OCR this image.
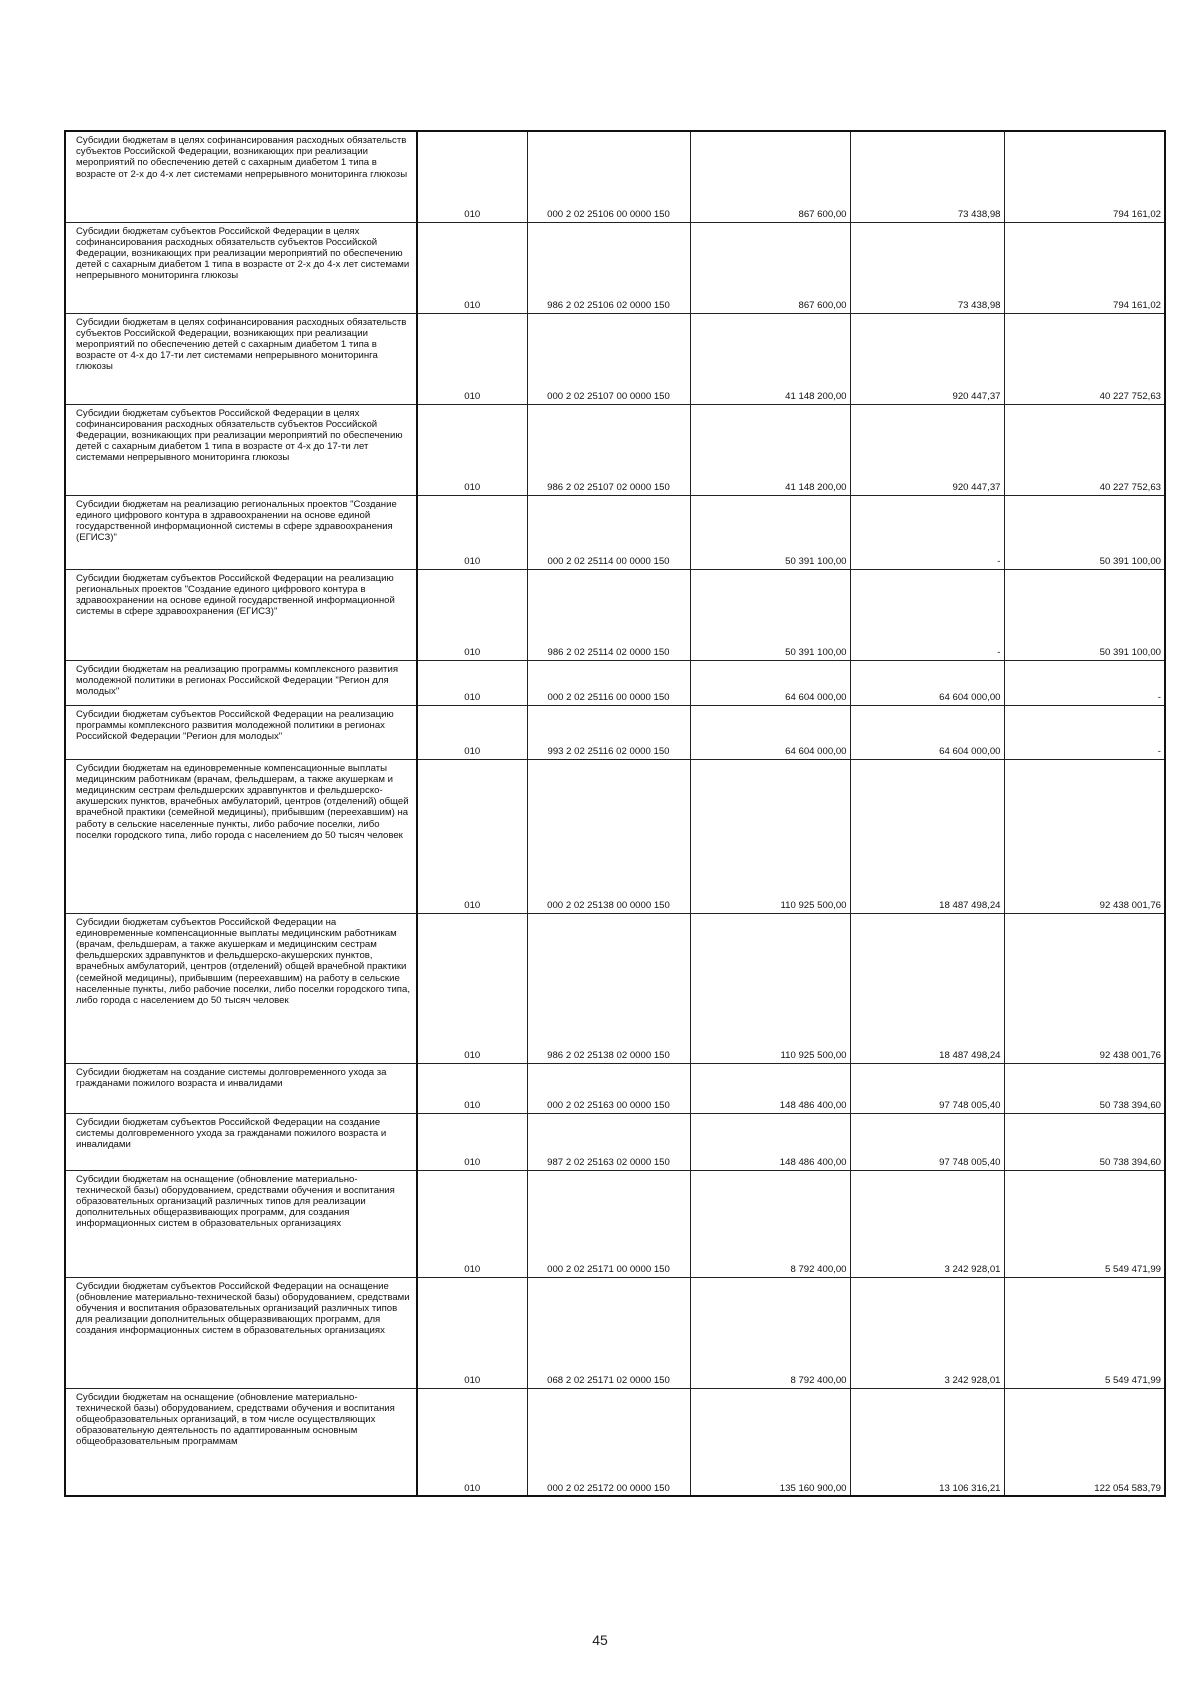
Субсидии бюджетам в целях софинансирования расходных обязательств субъектов Российской Федерации, возникающих при реализации мероприятий по обеспечению детей с сахарным диабетом 1 типа в возрасте от 2-х до 4-х лет системами непрерывного мониторинга глюкозы	010	000 2 02 25106 00 0000 150	867 600,00	73 438,98	794 161,02
Субсидии бюджетам субъектов Российской Федерации в целях софинансирования расходных обязательств субъектов Российской Федерации, возникающих при реализации мероприятий по обеспечению детей с сахарным диабетом 1 типа в возрасте от 2-х до 4-х лет системами непрерывного мониторинга глюкозы	010	986 2 02 25106 02 0000 150	867 600,00	73 438,98	794 161,02
Субсидии бюджетам в целях софинансирования расходных обязательств субъектов Российской Федерации, возникающих при реализации мероприятий по обеспечению детей с сахарным диабетом 1 типа в возрасте от 4-х до 17-ти лет системами непрерывного мониторинга глюкозы	010	000 2 02 25107 00 0000 150	41 148 200,00	920 447,37	40 227 752,63
Субсидии бюджетам субъектов Российской Федерации в целях софинансирования расходных обязательств субъектов Российской Федерации, возникающих при реализации мероприятий по обеспечению детей с сахарным диабетом 1 типа в возрасте от 4-х до 17-ти лет системами непрерывного мониторинга глюкозы	010	986 2 02 25107 02 0000 150	41 148 200,00	920 447,37	40 227 752,63
Субсидии бюджетам на реализацию региональных проектов "Создание единого цифрового контура в здравоохранении на основе единой государственной информационной системы в сфере здравоохранения (ЕГИСЗ)"	010	000 2 02 25114 00 0000 150	50 391 100,00	-	50 391 100,00
Субсидии бюджетам субъектов Российской Федерации на реализацию региональных проектов "Создание единого цифрового контура в здравоохранении на основе единой государственной информационной системы в сфере здравоохранения (ЕГИСЗ)"	010	986 2 02 25114 02 0000 150	50 391 100,00	-	50 391 100,00
Субсидии бюджетам на реализацию программы комплексного развития молодежной политики в регионах Российской Федерации "Регион для молодых"	010	000 2 02 25116 00 0000 150	64 604 000,00	64 604 000,00	-
Субсидии бюджетам субъектов Российской Федерации на реализацию программы комплексного развития молодежной политики в регионах Российской Федерации "Регион для молодых"	010	993 2 02 25116 02 0000 150	64 604 000,00	64 604 000,00	-
Субсидии бюджетам на единовременные компенсационные выплаты медицинским работникам (врачам, фельдшерам, а также акушеркам и медицинским сестрам фельдшерских здравпунктов и фельдшерско-акушерских пунктов, врачебных амбулаторий, центров (отделений) общей врачебной практики (семейной медицины), прибывшим (переехавшим) на работу в сельские населенные пункты, либо рабочие поселки, либо поселки городского типа, либо города с населением до 50 тысяч человек	010	000 2 02 25138 00 0000 150	110 925 500,00	18 487 498,24	92 438 001,76
Субсидии бюджетам субъектов Российской Федерации на единовременные компенсационные выплаты медицинским работникам (врачам, фельдшерам, а также акушеркам и медицинским сестрам фельдшерских здравпунктов и фельдшерско-акушерских пунктов, врачебных амбулаторий, центров (отделений) общей врачебной практики (семейной медицины), прибывшим (переехавшим) на работу в сельские населенные пункты, либо рабочие поселки, либо поселки городского типа, либо города с населением до 50 тысяч человек	010	986 2 02 25138 02 0000 150	110 925 500,00	18 487 498,24	92 438 001,76
Субсидии бюджетам на создание системы долговременного ухода за гражданами пожилого возраста и инвалидами	010	000 2 02 25163 00 0000 150	148 486 400,00	97 748 005,40	50 738 394,60
Субсидии бюджетам субъектов Российской Федерации на создание системы долговременного ухода за гражданами пожилого возраста и инвалидами	010	987 2 02 25163 02 0000 150	148 486 400,00	97 748 005,40	50 738 394,60
Субсидии бюджетам на оснащение (обновление материально-технической базы) оборудованием, средствами обучения и воспитания образовательных организаций различных типов для реализации дополнительных общеразвивающих программ, для создания информационных систем в образовательных организациях	010	000 2 02 25171 00 0000 150	8 792 400,00	3 242 928,01	5 549 471,99
Субсидии бюджетам субъектов Российской Федерации на оснащение (обновление материально-технической базы) оборудованием, средствами обучения и воспитания образовательных организаций различных типов для реализации дополнительных общеразвивающих программ, для создания информационных систем в образовательных организациях	010	068 2 02 25171 02 0000 150	8 792 400,00	3 242 928,01	5 549 471,99
Субсидии бюджетам на оснащение (обновление материально-технической базы) оборудованием, средствами обучения и воспитания общеобразовательных организаций, в том числе осуществляющих образовательную деятельность по адаптированным основным общеобразовательным программам	010	000 2 02 25172 00 0000 150	135 160 900,00	13 106 316,21	122 054 583,79
45
